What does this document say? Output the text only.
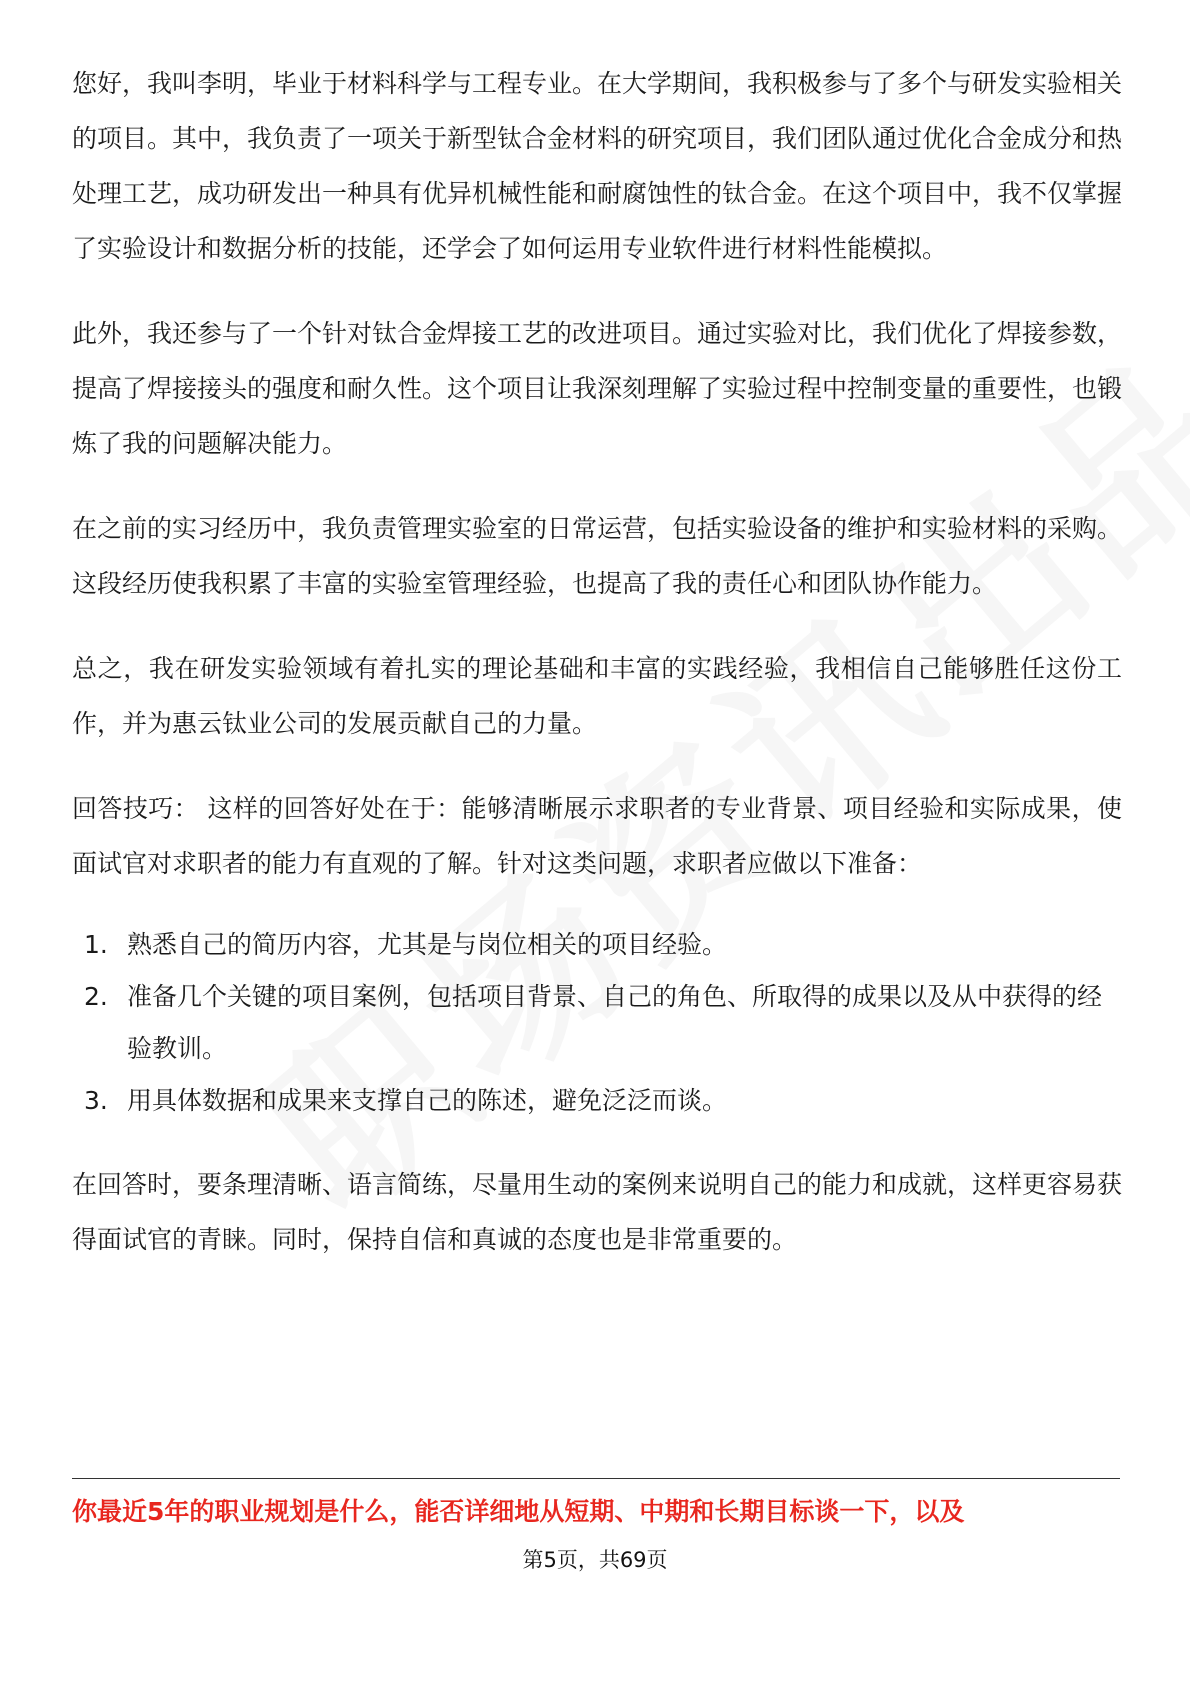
您好，我叫李明，毕业于材料科学与工程专业。在大学期间，我积极参与了多个与研发实验相关的项目。其中，我负责了一项关于新型钛合金材料的研究项目，我们团队通过优化合金成分和热处理工艺，成功研发出一种具有优异机械性能和耐腐蚀性的钛合金。在这个项目中，我不仅掌握了实验设计和数据分析的技能，还学会了如何运用专业软件进行材料性能模拟。

此外，我还参与了一个针对钛合金焊接工艺的改进项目。通过实验对比，我们优化了焊接参数，提高了焊接接头的强度和耐久性。这个项目让我深刻理解了实验过程中控制变量的重要性，也锻炼了我的问题解决能力。

在之前的实习经历中，我负责管理实验室的日常运营，包括实验设备的维护和实验材料的采购。这段经历使我积累了丰富的实验室管理经验，也提高了我的责任心和团队协作能力。

总之，我在研发实验领域有着扎实的理论基础和丰富的实践经验，我相信自己能够胜任这份工作，并为惠云钛业公司的发展贡献自己的力量。

回答技巧： 这样的回答好处在于：能够清晰展示求职者的专业背景、项目经验和实际成果，使面试官对求职者的能力有直观的了解。针对这类问题，求职者应做以下准备：

1. 熟悉自己的简历内容，尤其是与岗位相关的项目经验。
2. 准备几个关键的项目案例，包括项目背景、自己的角色、所取得的成果以及从中获得的经验教训。
3. 用具体数据和成果来支撑自己的陈述，避免泛泛而谈。

在回答时，要条理清晰、语言简练，尽量用生动的案例来说明自己的能力和成就，这样更容易获得面试官的青睐。同时，保持自信和真诚的态度也是非常重要的。

你最近5年的职业规划是什么，能否详细地从短期、中期和长期目标谈一下，以及
第5页，共69页
